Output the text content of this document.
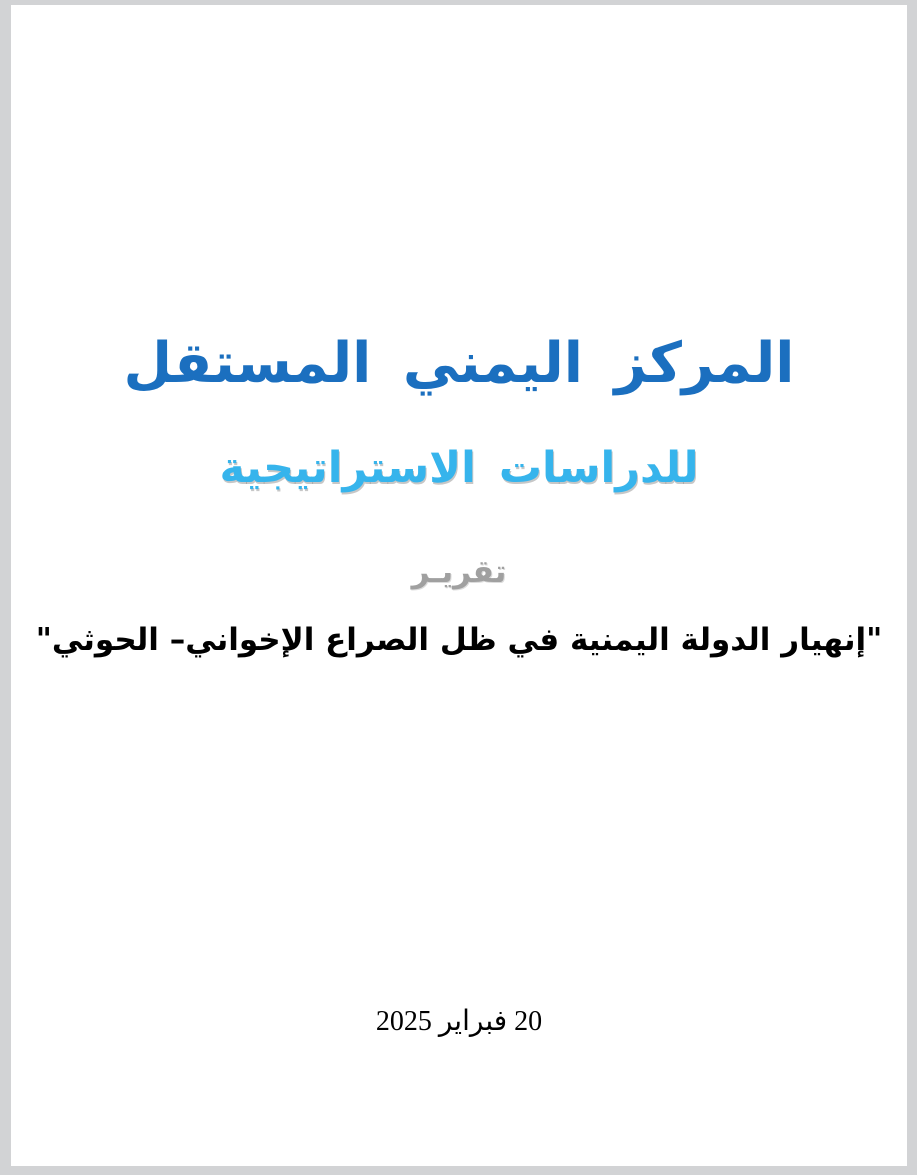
المركز اليمني المستقل
للدراسات الاستراتيجية
تقريـر
"إنهيار الدولة اليمنية في ظل الصراع الإخواني– الحوثي"
20 فبراير 2025
